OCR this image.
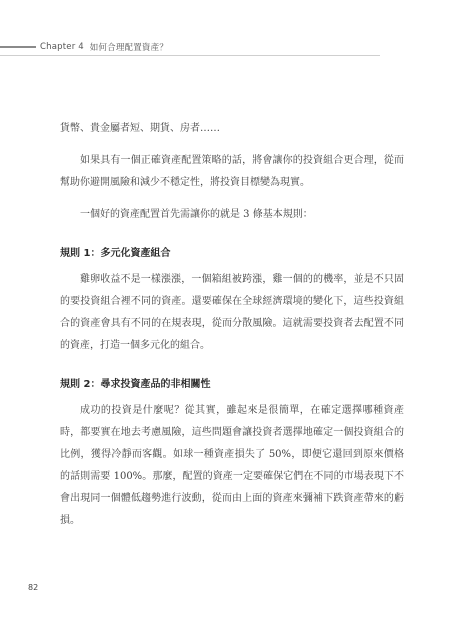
Chapter 4
如何合理配置資產？

貨幣、貴金屬者短、期貨、房者……

如果具有一個正確資產配置策略的話，將會讓你的投資組合更合理，從而幫助你避開風險和減少不穩定性，將投資目標變為現實。

一個好的資產配置首先需讓你的就是 3 條基本規則：

規則 1：多元化資產組合

雞卵收益不是一樣漲漲，一個箱組被跨漲，雞一個的的機率，並是不只固的要投資組合裡不同的資產。還要確保在全球經濟環境的變化下，這些投資組合的資產會具有不同的在規表現，從而分散風險。這就需要投資者去配置不同的資產，打造一個多元化的組合。

規則 2：尋求投資產品的非相關性

成功的投資是什麼呢？從其實，雖起來是很簡單，在確定選擇哪種資產時，都要實在地去考慮風險，這些問題會讓投資者選擇地確定一個投資組合的比例，獲得冷靜而客觀。如球一種資產損失了 50%，即便它還回到原來價格的話則需要 100%。那麼，配置的資產一定要確保它們在不同的市場表現下不會出現同一個體低趨勢進行波動，從而由上面的資產來彌補下跌資產帶來的虧損。

82
